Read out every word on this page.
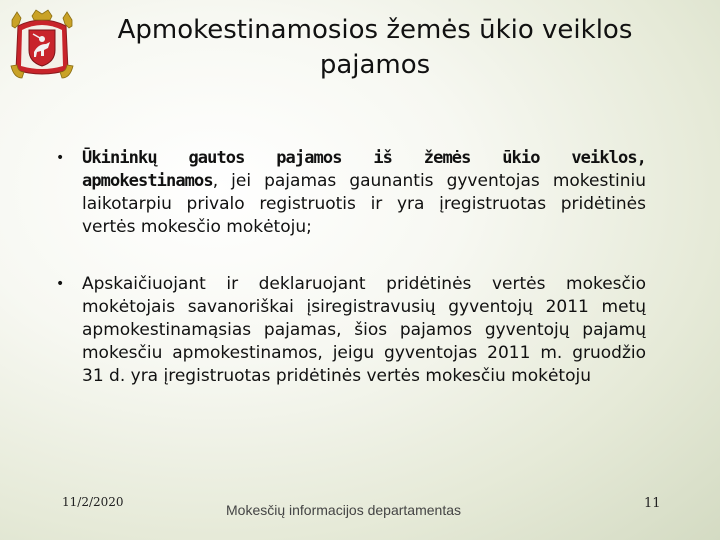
Apmokestinamosios žemės ūkio veiklos pajamos
• Ūkininkų gautos pajamos iš žemės ūkio veiklos, apmokestinamos, jei pajamas gaunantis gyventojas mokestiniu laikotarpiu privalo registruotis ir yra įregistruotas pridėtinės vertės mokesčio mokėtoju;
• Apskaičiuojant ir deklaruojant pridėtinės vertės mokesčio mokėtojais savanoriškai įsiregistravusių gyventojų 2011 metų apmokestinamąsias pajamas, šios pajamos gyventojų pajamų mokesčiu apmokestinamos, jeigu gyventojas 2011 m. gruodžio 31 d. yra įregistruotas pridėtinės vertės mokesčiu mokėtoju
11/2/2020	Mokesčių informacijos departamentas	11
